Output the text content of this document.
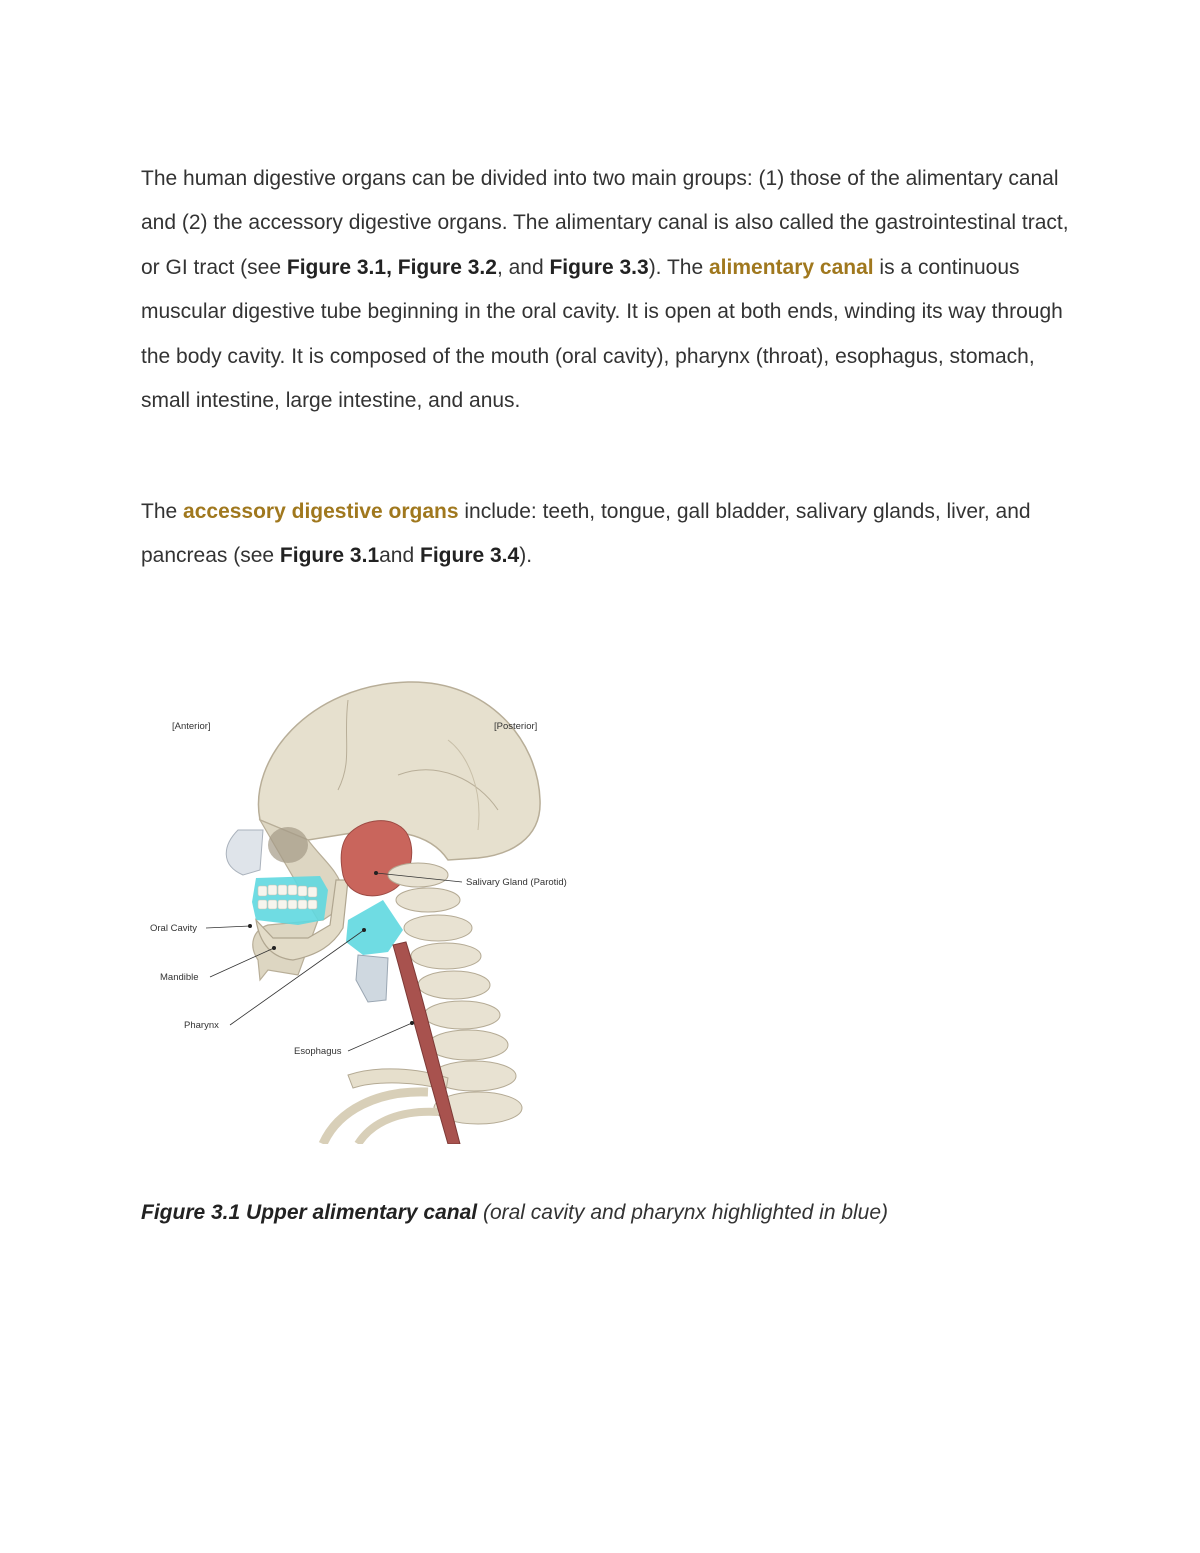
The human digestive organs can be divided into two main groups: (1) those of the alimentary canal and (2) the accessory digestive organs. The alimentary canal is also called the gastrointestinal tract, or GI tract (see Figure 3.1, Figure 3.2, and Figure 3.3). The alimentary canal is a continuous muscular digestive tube beginning in the oral cavity. It is open at both ends, winding its way through the body cavity. It is composed of the mouth (oral cavity), pharynx (throat), esophagus, stomach, small intestine, large intestine, and anus.

The accessory digestive organs include: teeth, tongue, gall bladder, salivary glands, liver, and pancreas (see Figure 3.1and Figure 3.4).

[Anterior]	[Posterior]
Salivary Gland (Parotid)
Oral Cavity
Mandible
Pharynx
Esophagus
Figure 3.1 Upper alimentary canal (oral cavity and pharynx highlighted in blue)
